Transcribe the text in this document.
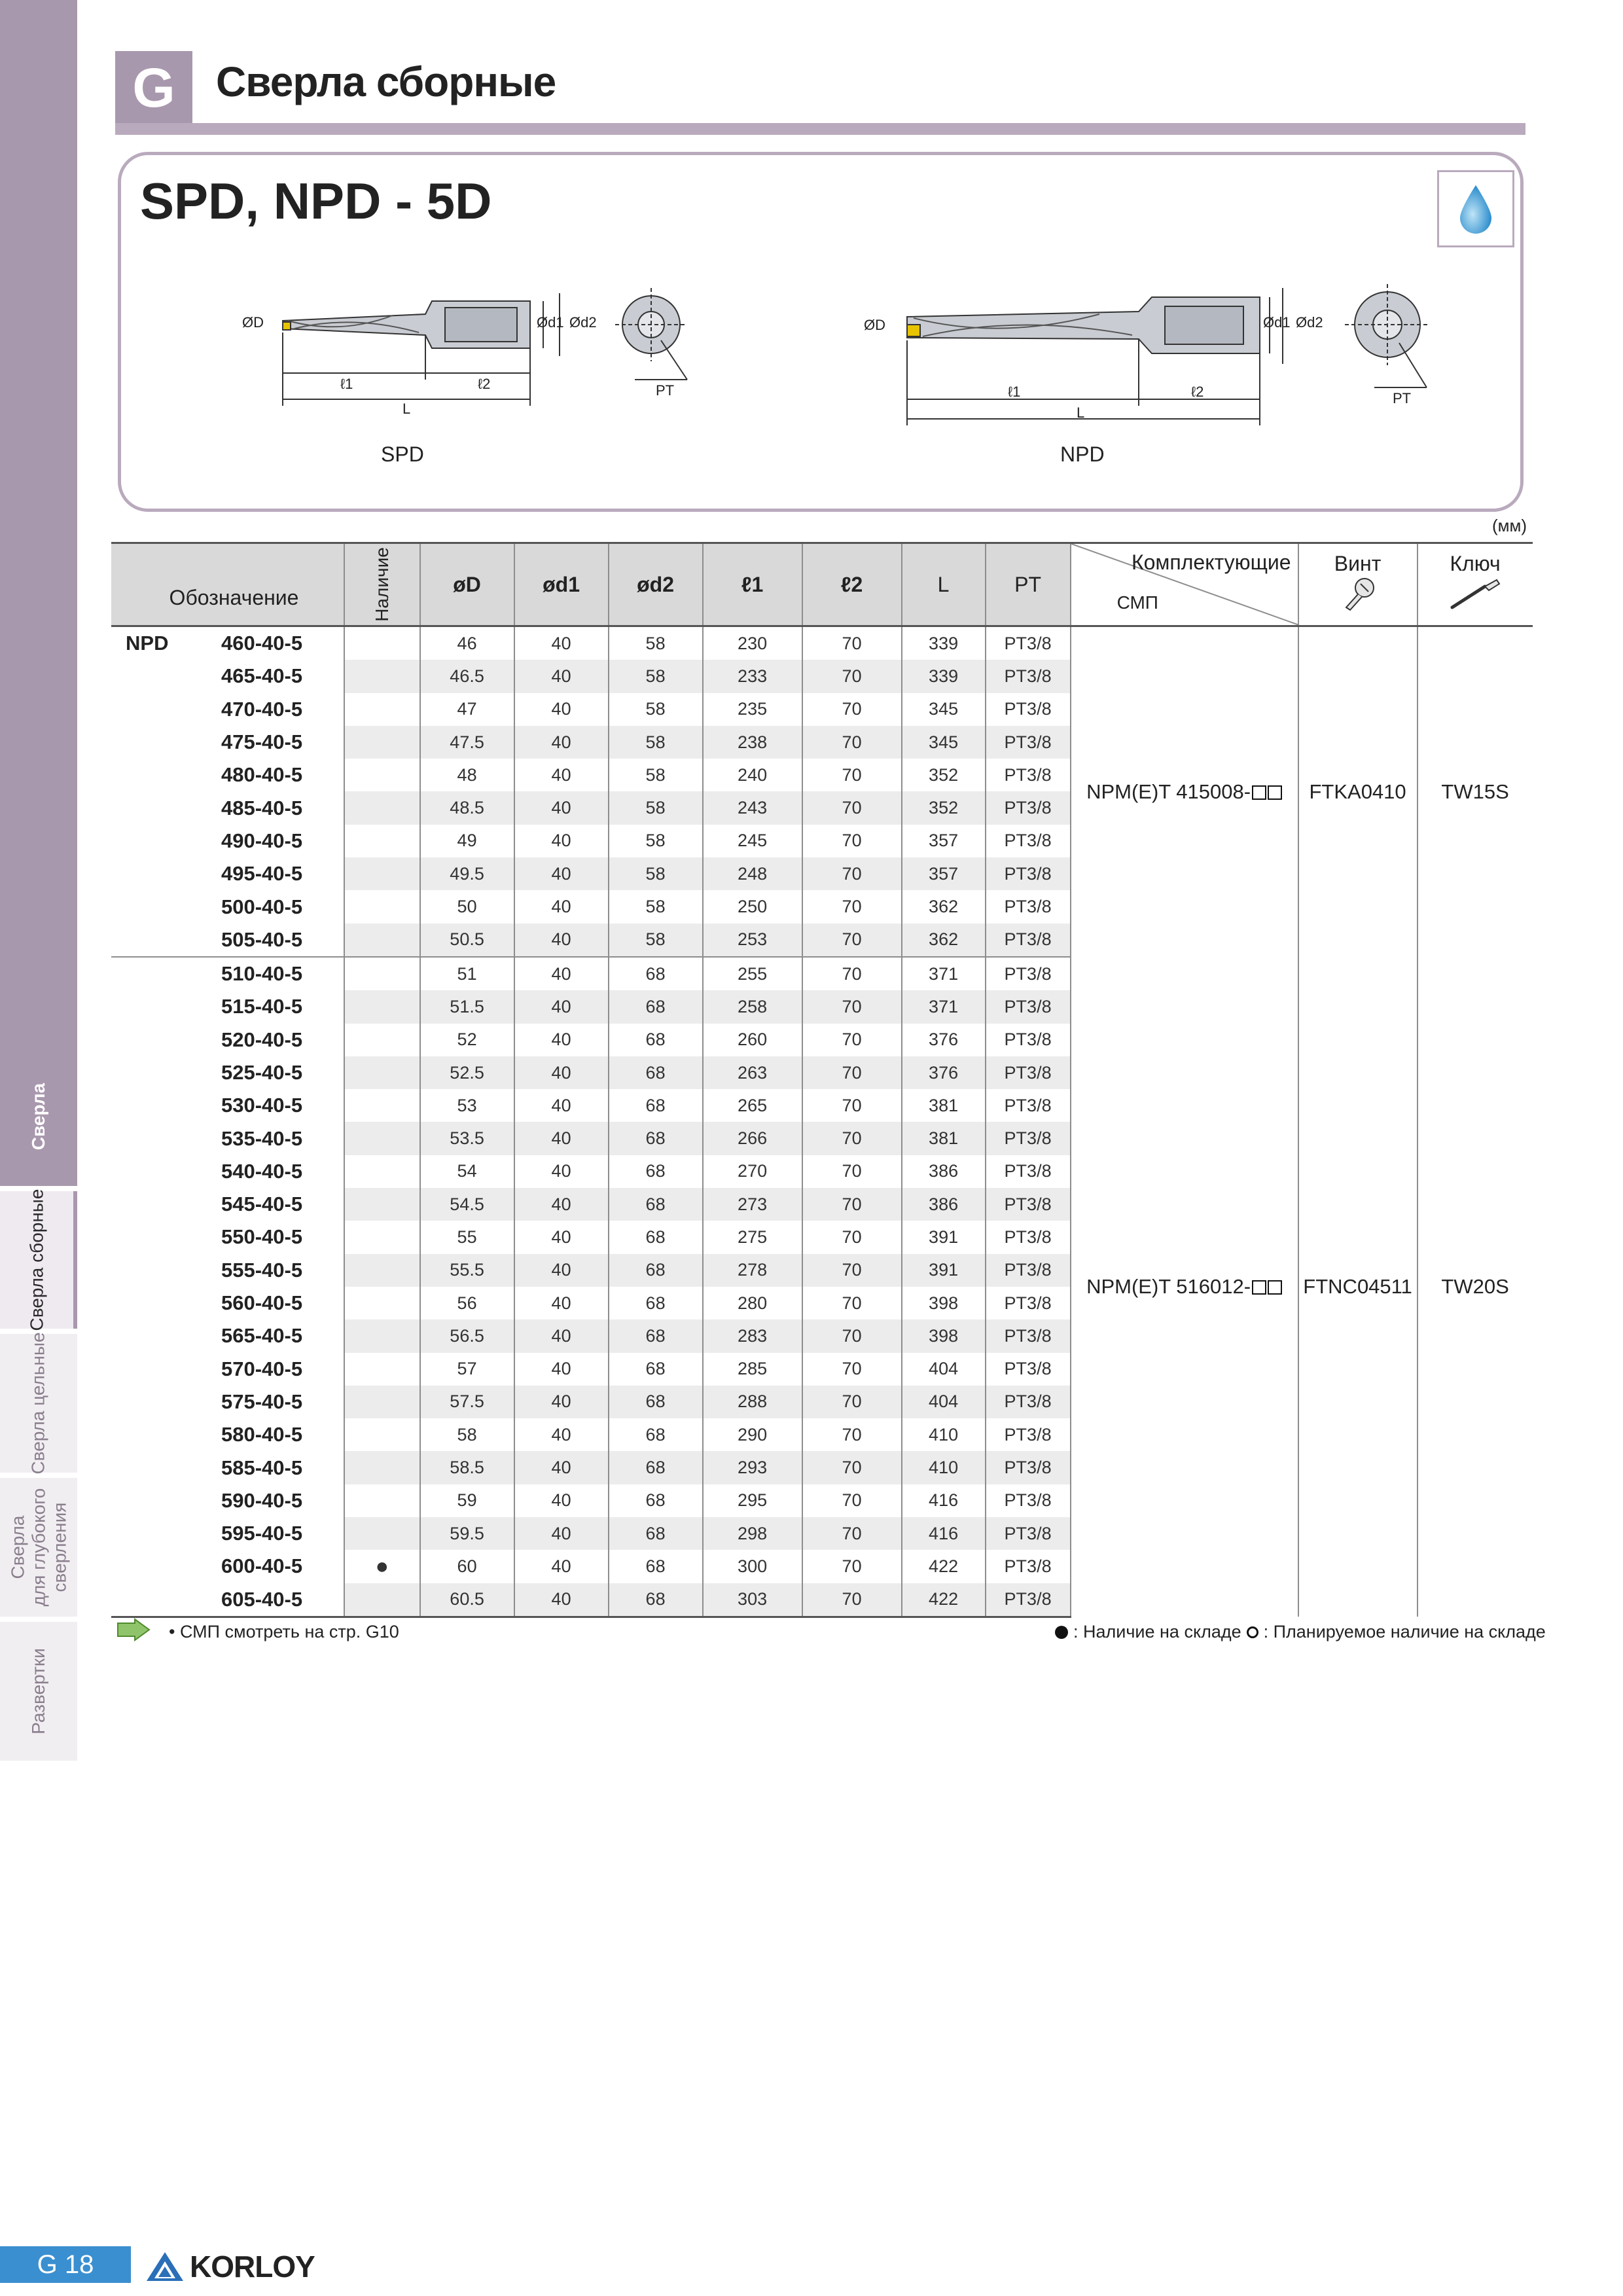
Сверла
Сверла сборные
Сверла цельные
Сверла для глубокого сверления
Развертки
G Сверла сборные
SPD, NPD - 5D
ØD	Ød1 Ød2
ℓ1	ℓ2
L
PT
SPD
ØD	Ød1 Ød2
ℓ1	ℓ2
L
PT
NPD
(мм)
Обозначение		Наличие	øD	ød1	ød2	ℓ1	ℓ2	L	PT	Комплектующие
СМП	Винт	Ключ

NPD	460-40-5		46	40	58	230	70	339	PT3/8	NPM(E)T 415008-	FTKA0410	TW15S
	465-40-5		46.5	40	58	233	70	339	PT3/8			
	470-40-5		47	40	58	235	70	345	PT3/8			
	475-40-5		47.5	40	58	238	70	345	PT3/8			
	480-40-5		48	40	58	240	70	352	PT3/8			
	485-40-5		48.5	40	58	243	70	352	PT3/8			
	490-40-5		49	40	58	245	70	357	PT3/8			
	495-40-5		49.5	40	58	248	70	357	PT3/8			
	500-40-5		50	40	58	250	70	362	PT3/8			
	505-40-5		50.5	40	58	253	70	362	PT3/8			
	510-40-5		51	40	68	255	70	371	PT3/8	NPM(E)T 516012-	FTNC04511	TW20S
	515-40-5		51.5	40	68	258	70	371	PT3/8			
	520-40-5		52	40	68	260	70	376	PT3/8			
	525-40-5		52.5	40	68	263	70	376	PT3/8			
	530-40-5		53	40	68	265	70	381	PT3/8			
	535-40-5		53.5	40	68	266	70	381	PT3/8			
	540-40-5		54	40	68	270	70	386	PT3/8			
	545-40-5		54.5	40	68	273	70	386	PT3/8			
	550-40-5		55	40	68	275	70	391	PT3/8			
	555-40-5		55.5	40	68	278	70	391	PT3/8			
	560-40-5		56	40	68	280	70	398	PT3/8			
	565-40-5		56.5	40	68	283	70	398	PT3/8			
	570-40-5		57	40	68	285	70	404	PT3/8			
	575-40-5		57.5	40	68	288	70	404	PT3/8			
	580-40-5		58	40	68	290	70	410	PT3/8			
	585-40-5		58.5	40	68	293	70	410	PT3/8			
	590-40-5		59	40	68	295	70	416	PT3/8			
	595-40-5		59.5	40	68	298	70	416	PT3/8			
	600-40-5	●	60	40	68	300	70	422	PT3/8			
	605-40-5		60.5	40	68	303	70	422	PT3/8			
• СМП смотреть на стр. G10	: Наличие на складе : Планируемое наличие на складе
G 18	KORLOY
